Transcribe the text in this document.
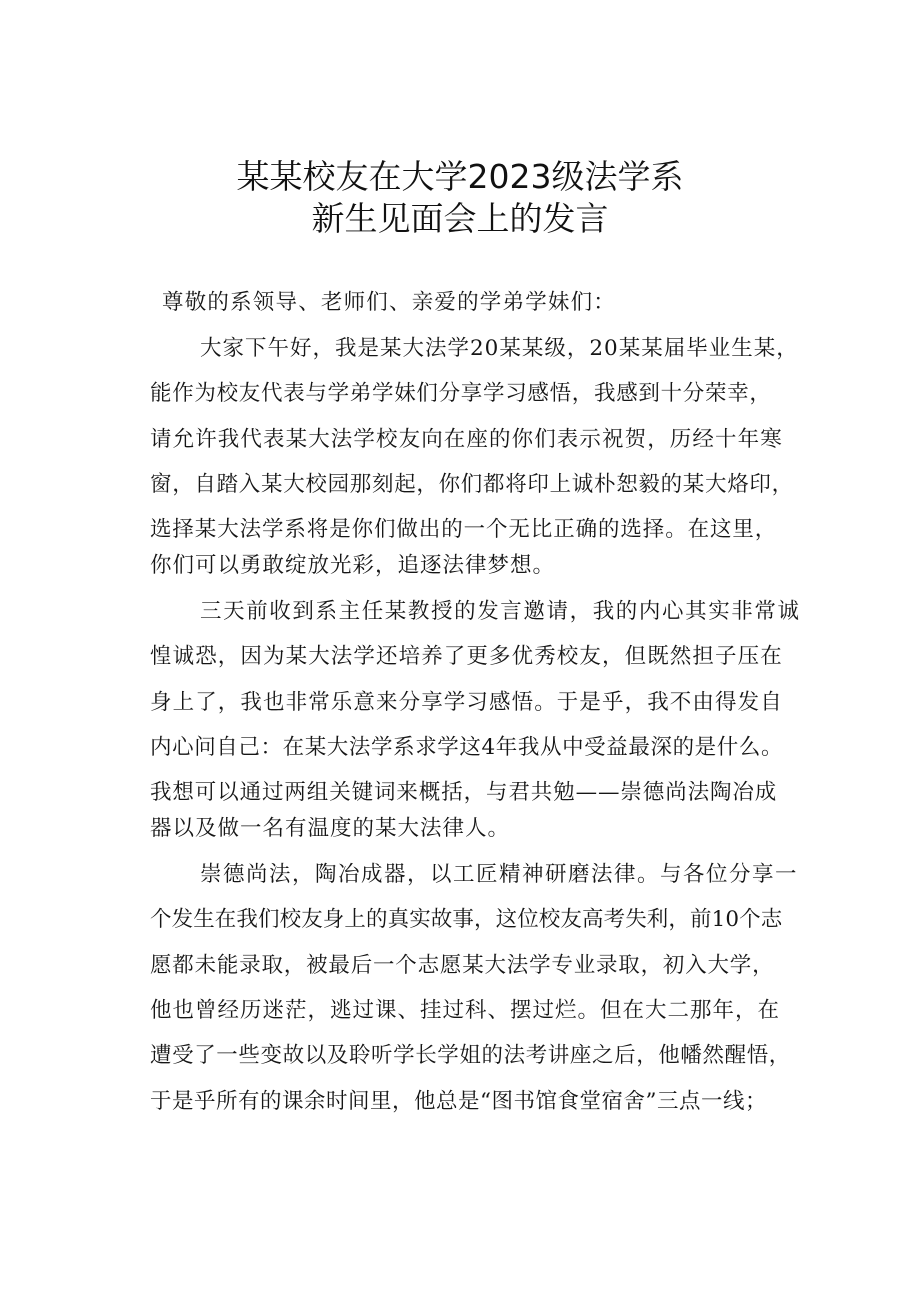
某某校友在大学2023级法学系
新生见面会上的发言
尊敬的系领导、老师们、亲爱的学弟学妹们：
大家下午好，我是某大法学20某某级，20某某届毕业生某，
能作为校友代表与学弟学妹们分享学习感悟，我感到十分荣幸，
请允许我代表某大法学校友向在座的你们表示祝贺，历经十年寒
窗，自踏入某大校园那刻起，你们都将印上诚朴恕毅的某大烙印，
选择某大法学系将是你们做出的一个无比正确的选择。在这里，
你们可以勇敢绽放光彩，追逐法律梦想。
三天前收到系主任某教授的发言邀请，我的内心其实非常诚
惶诚恐，因为某大法学还培养了更多优秀校友，但既然担子压在
身上了，我也非常乐意来分享学习感悟。于是乎，我不由得发自
内心问自己：在某大法学系求学这4年我从中受益最深的是什么。
我想可以通过两组关键词来概括，与君共勉——崇德尚法陶冶成
器以及做一名有温度的某大法律人。
崇德尚法，陶冶成器，以工匠精神研磨法律。与各位分享一
个发生在我们校友身上的真实故事，这位校友高考失利，前10个志
愿都未能录取，被最后一个志愿某大法学专业录取，初入大学，
他也曾经历迷茫，逃过课、挂过科、摆过烂。但在大二那年，在
遭受了一些变故以及聆听学长学姐的法考讲座之后，他幡然醒悟，
于是乎所有的课余时间里，他总是“图书馆食堂宿舍”三点一线；
